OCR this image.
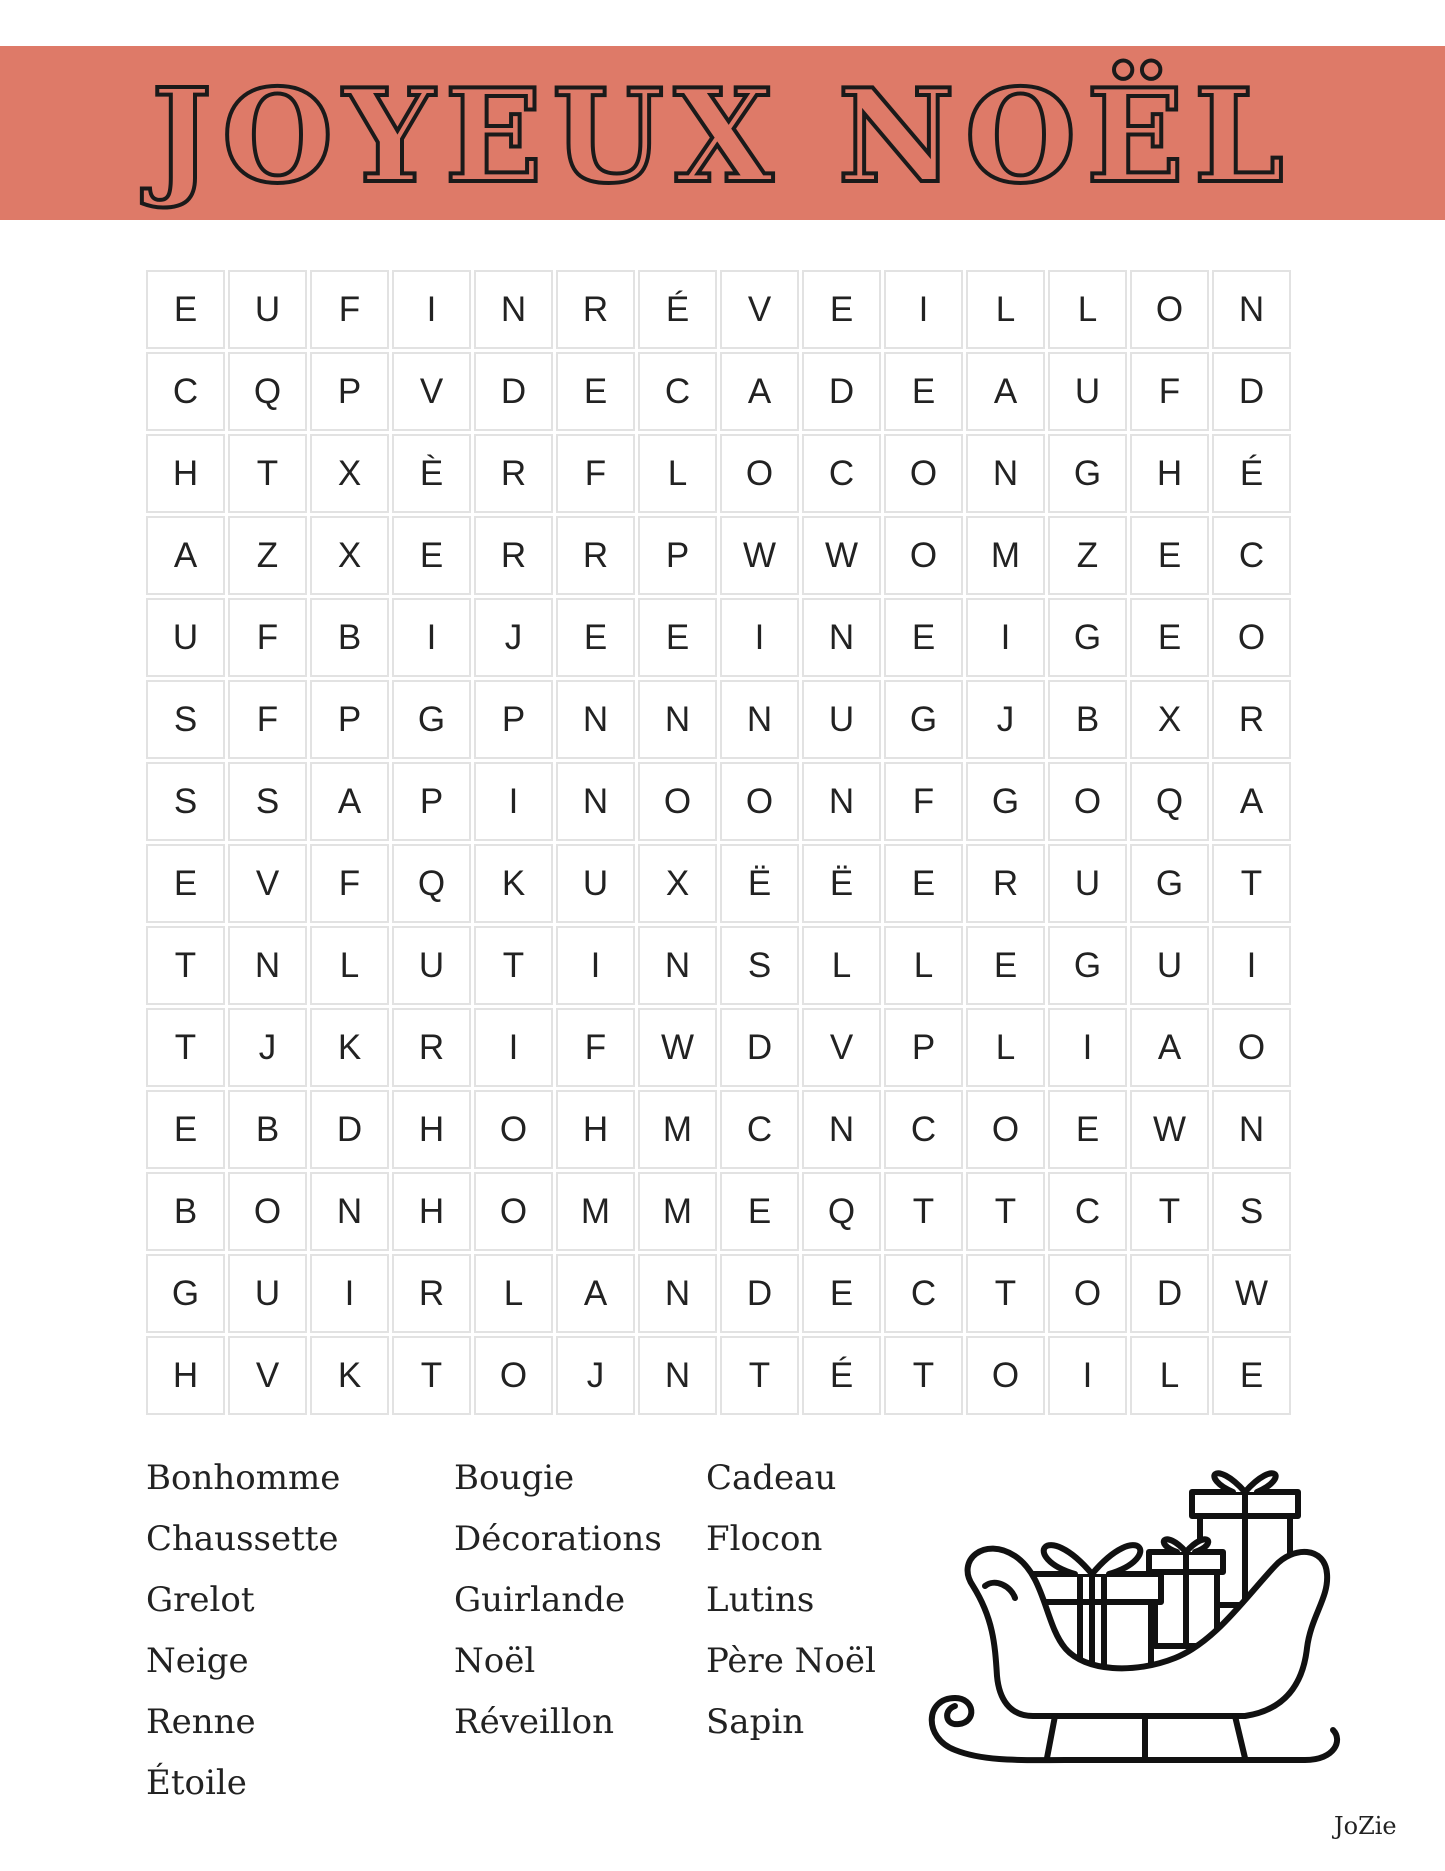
JOYEUX NOËL
E	U	F	I	N	R	É	V	E	I	L	L	O	N
C	Q	P	V	D	E	C	A	D	E	A	U	F	D
H	T	X	È	R	F	L	O	C	O	N	G	H	É
A	Z	X	E	R	R	P	W	W	O	M	Z	E	C
U	F	B	I	J	E	E	I	N	E	I	G	E	O
S	F	P	G	P	N	N	N	U	G	J	B	X	R
S	S	A	P	I	N	O	O	N	F	G	O	Q	A
E	V	F	Q	K	U	X	Ë	Ë	E	R	U	G	T
T	N	L	U	T	I	N	S	L	L	E	G	U	I
T	J	K	R	I	F	W	D	V	P	L	I	A	O
E	B	D	H	O	H	M	C	N	C	O	E	W	N
B	O	N	H	O	M	M	E	Q	T	T	C	T	S
G	U	I	R	L	A	N	D	E	C	T	O	D	W
H	V	K	T	O	J	N	T	É	T	O	I	L	E
Bonhomme
Chaussette
Grelot
Neige
Renne
Étoile
Bougie
Décorations
Guirlande
Noël
Réveillon
Cadeau
Flocon
Lutins
Père Noël
Sapin
JoZie
